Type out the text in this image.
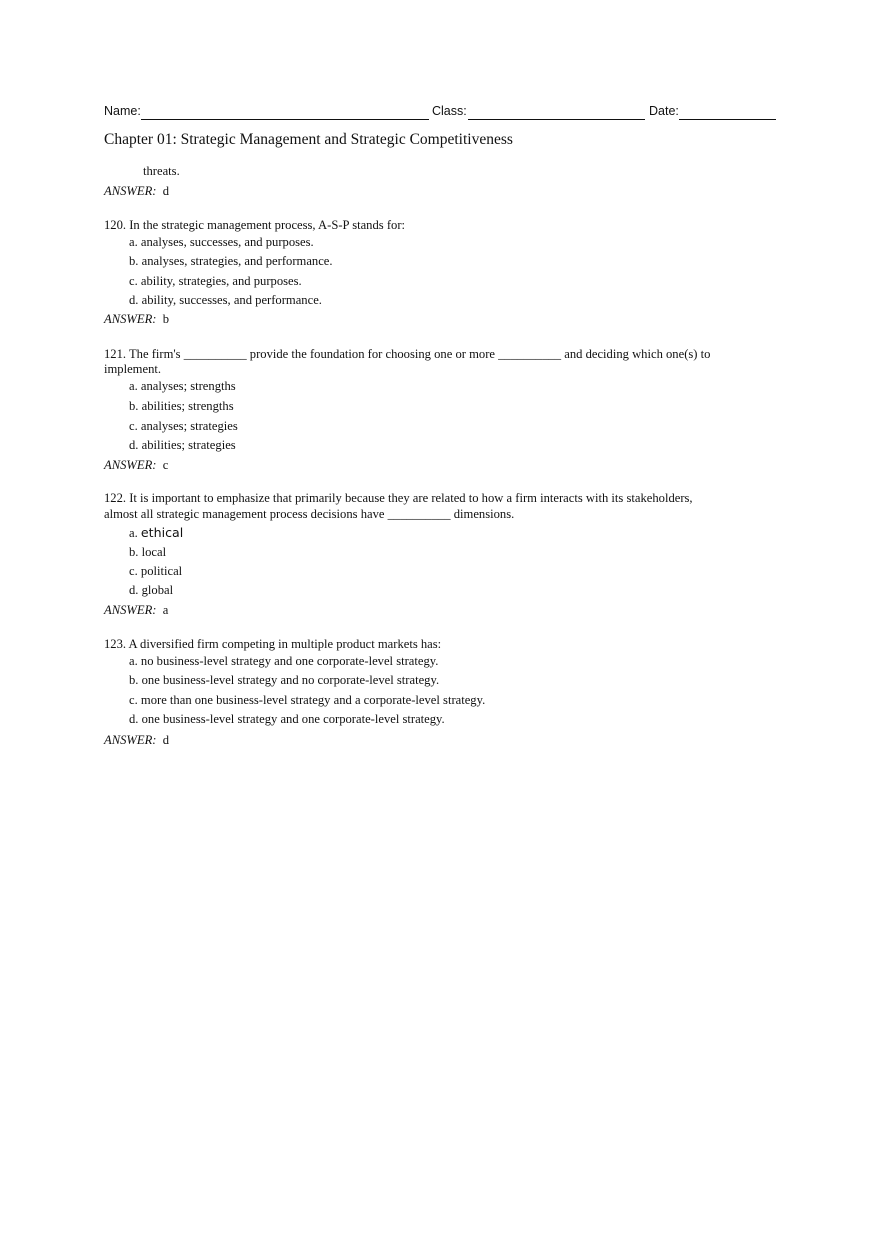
Name:	Class:	Date:
Chapter 01: Strategic Management and Strategic Competitiveness
threats.
ANSWER: d
120. In the strategic management process, A-S-P stands for:
a. analyses, successes, and purposes.
b. analyses, strategies, and performance.
c. ability, strategies, and purposes.
d. ability, successes, and performance.
ANSWER: b
121. The firm's __________ provide the foundation for choosing one or more __________ and deciding which one(s) to
implement.
a. analyses; strengths
b. abilities; strengths
c. analyses; strategies
d. abilities; strategies
ANSWER: c
122. It is important to emphasize that primarily because they are related to how a firm interacts with its stakeholders,
almost all strategic management process decisions have __________ dimensions.
a. ethical
b. local
c. political
d. global
ANSWER: a
123. A diversified firm competing in multiple product markets has:
a. no business-level strategy and one corporate-level strategy.
b. one business-level strategy and no corporate-level strategy.
c. more than one business-level strategy and a corporate-level strategy.
d. one business-level strategy and one corporate-level strategy.
ANSWER: d
